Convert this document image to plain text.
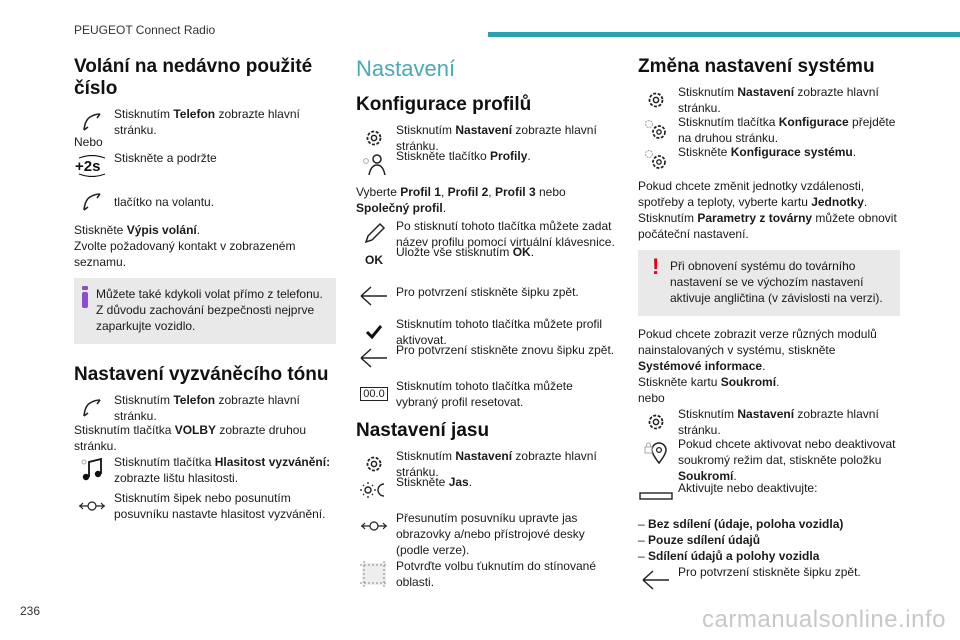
PEUGEOT Connect Radio
Volání na nedávno použité číslo

Stisknutím Telefon zobrazte hlavní stránku.

Nebo

+2s Stiskněte a podržte

tlačítko na volantu.

Stiskněte Výpis volání.

Zvolte požadovaný kontakt v zobrazeném seznamu.

Můžete také kdykoli volat přímo z telefonu. Z důvodu zachování bezpečnosti nejprve zaparkujte vozidlo.
Nastavení vyzváněcího tónu

Stisknutím Telefon zobrazte hlavní stránku.

Stisknutím tlačítka VOLBY zobrazte druhou stránku.

Stisknutím tlačítka Hlasitost vyzvánění: zobrazte lištu hlasitosti.

Stisknutím šipek nebo posunutím posuvníku nastavte hlasitost vyzvánění.

Nastavení
Konfigurace profilů

Stisknutím Nastavení zobrazte hlavní stránku.

Stiskněte tlačítko Profily.

Vyberte Profil 1, Profil 2, Profil 3 nebo Společný profil.

Po stisknutí tohoto tlačítka můžete zadat název profilu pomocí virtuální klávesnice.

OK

Uložte vše stisknutím OK.

Pro potvrzení stiskněte šipku zpět.

Stisknutím tohoto tlačítka můžete profil aktivovat.

Pro potvrzení stiskněte znovu šipku zpět.

00.0

Stisknutím tohoto tlačítka můžete vybraný profil resetovat.

Nastavení jasu

Stisknutím Nastavení zobrazte hlavní stránku.

Stiskněte Jas.

Přesunutím posuvníku upravte jas obrazovky a/nebo přístrojové desky (podle verze).

Potvrďte volbu ťuknutím do stínované oblasti.

Změna nastavení systému

Stisknutím Nastavení zobrazte hlavní stránku.

Stisknutím tlačítka Konfigurace přejděte na druhou stránku.

Stiskněte Konfigurace systému.

Pokud chcete změnit jednotky vzdálenosti, spotřeby a teploty, vyberte kartu Jednotky. Stisknutím Parametry z továrny můžete obnovit počáteční nastavení.

! Při obnovení systému do továrního nastavení se ve výchozím nastavení aktivuje angličtina (v závislosti na verzi).

Pokud chcete zobrazit verze různých modulů nainstalovaných v systému, stiskněte Systémové informace.

Stiskněte kartu Soukromí.

nebo

Stisknutím Nastavení zobrazte hlavní stránku.

Pokud chcete aktivovat nebo deaktivovat soukromý režim dat, stiskněte položku Soukromí.

Aktivujte nebo deaktivujte:

– Bez sdílení (údaje, poloha vozidla)
– Pouze sdílení údajů
– Sdílení údajů a polohy vozidla

Pro potvrzení stiskněte šipku zpět.

236	carmanualsonline.info
